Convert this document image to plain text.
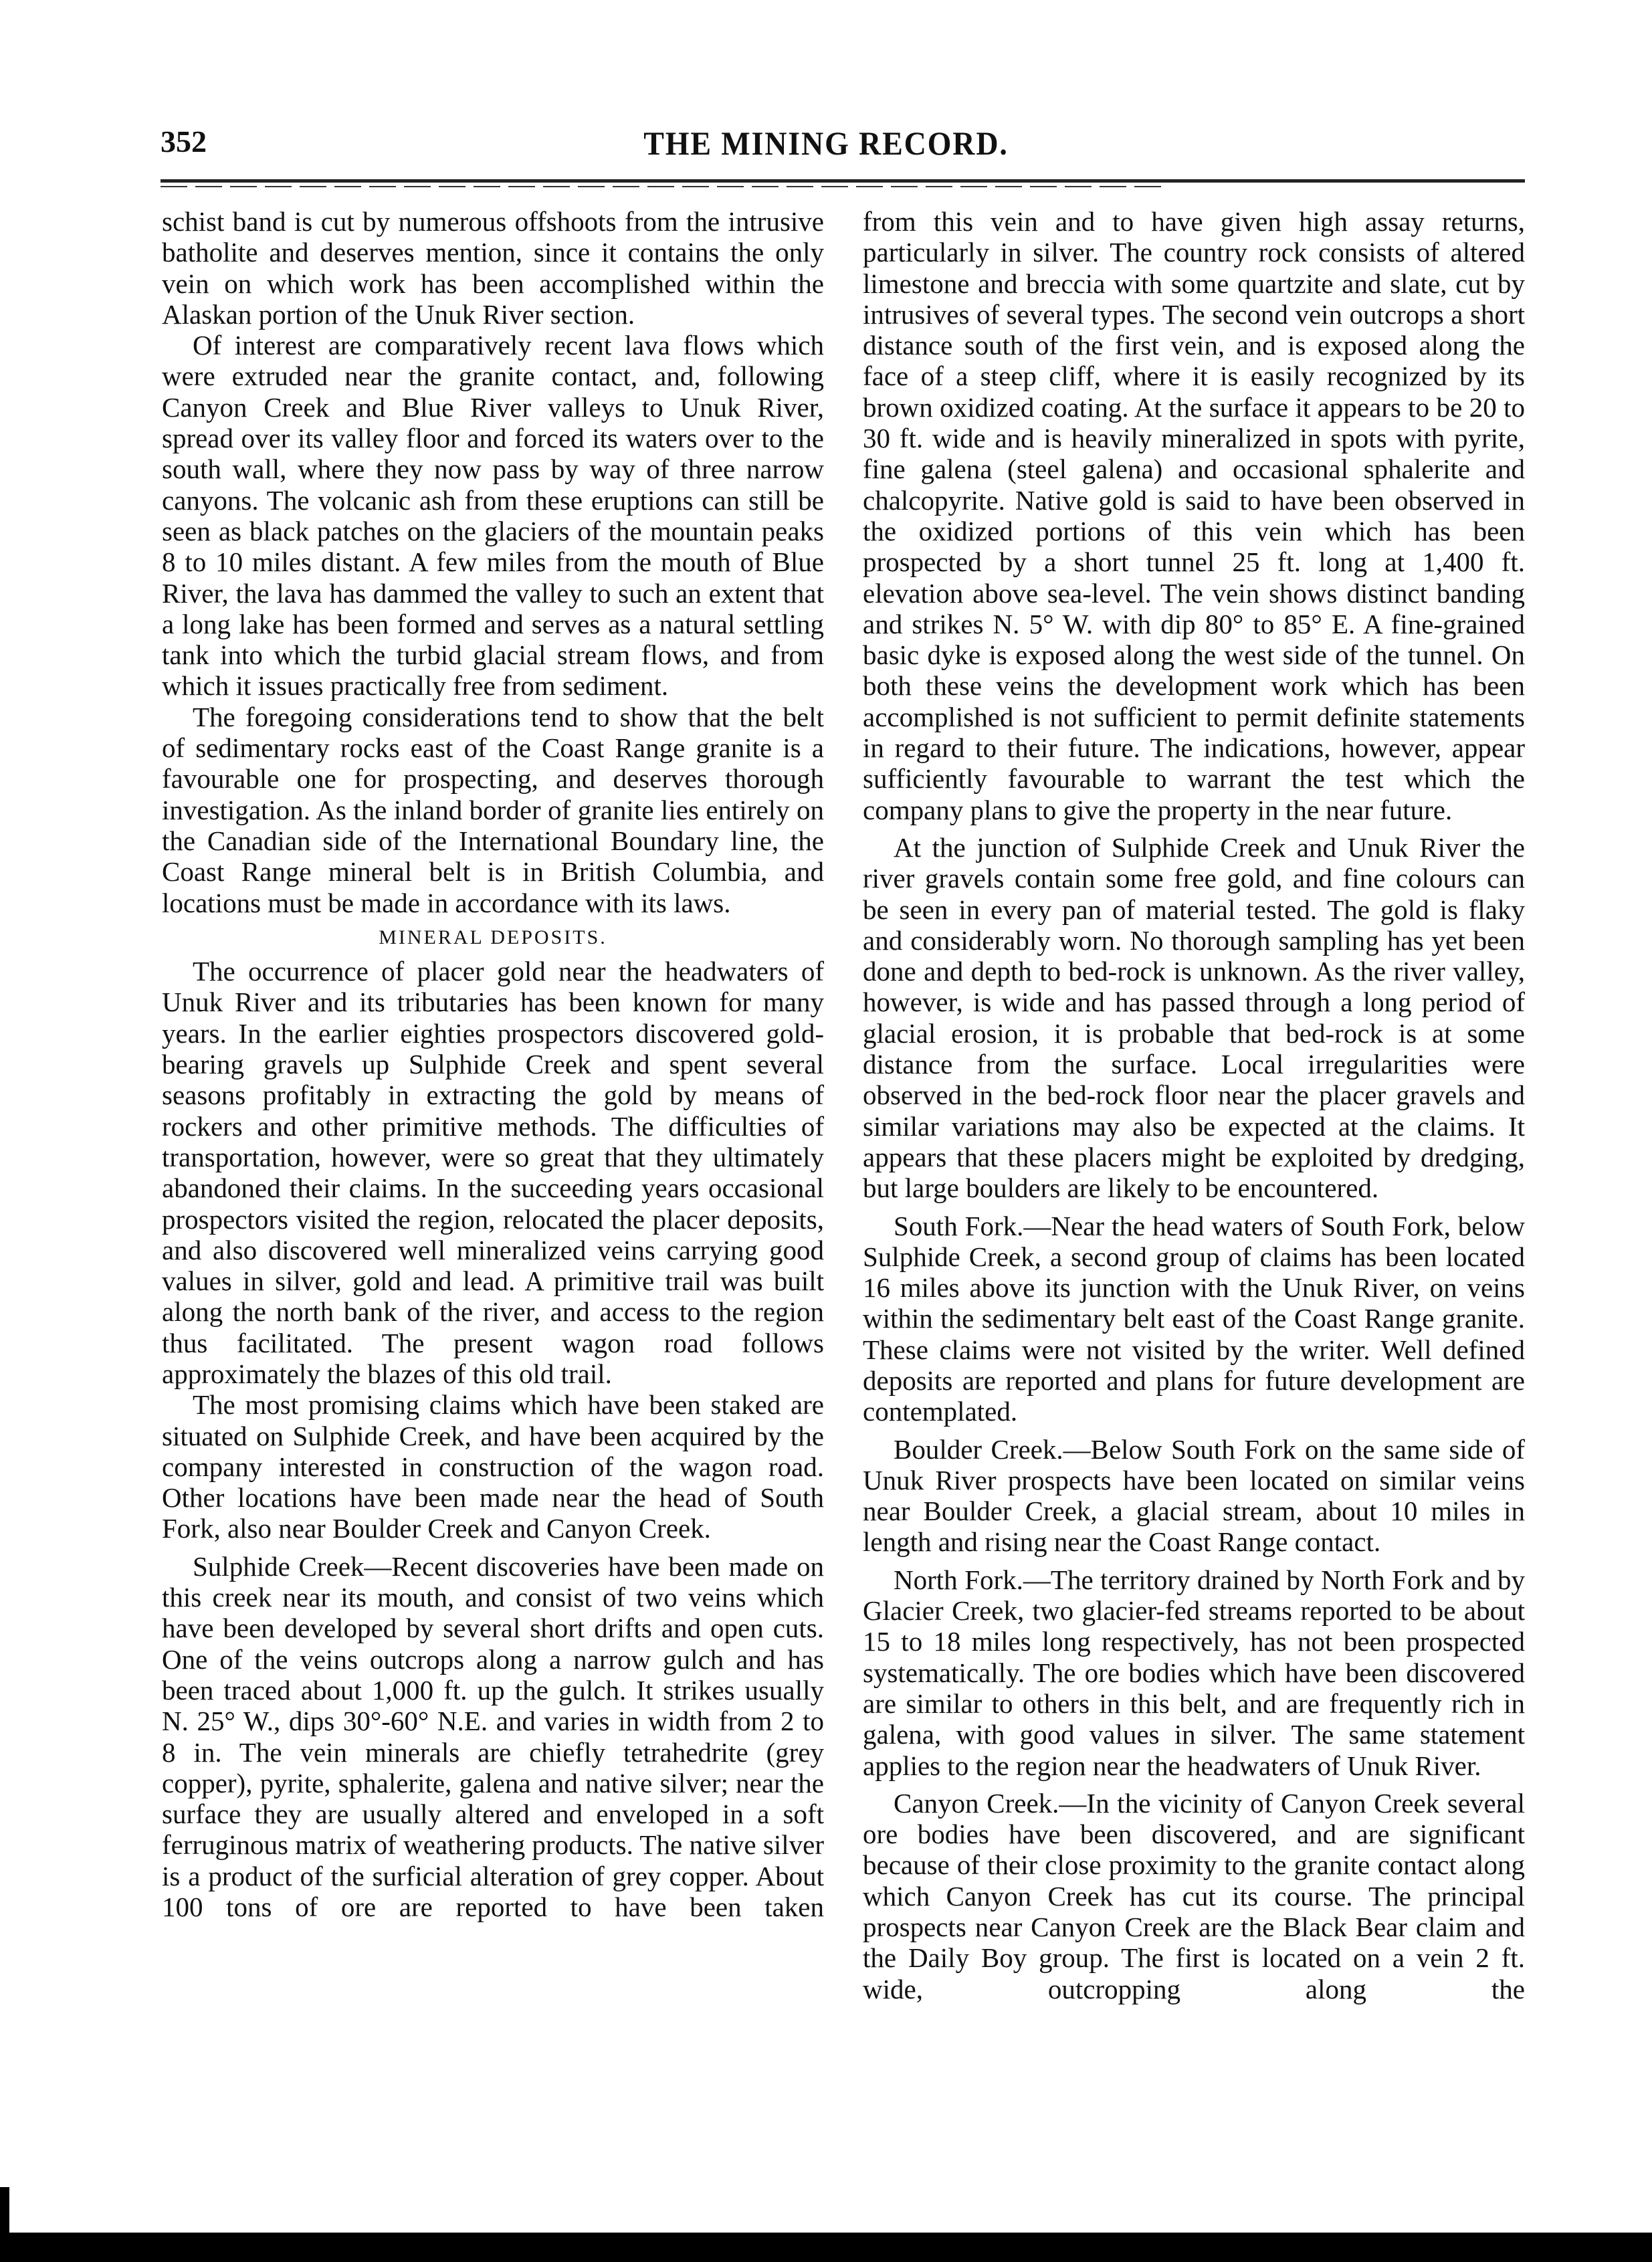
352	THE MINING RECORD.

schist band is cut by numerous offshoots from the intrusive batholite and deserves mention, since it contains the only vein on which work has been accomplished within the Alaskan portion of the Unuk River section.

Of interest are comparatively recent lava flows which were extruded near the granite contact, and, following Canyon Creek and Blue River valleys to Unuk River, spread over its valley floor and forced its waters over to the south wall, where they now pass by way of three narrow canyons. The volcanic ash from these eruptions can still be seen as black patches on the glaciers of the mountain peaks 8 to 10 miles distant. A few miles from the mouth of Blue River, the lava has dammed the valley to such an extent that a long lake has been formed and serves as a natural settling tank into which the turbid glacial stream flows, and from which it issues practically free from sediment.

The foregoing considerations tend to show that the belt of sedimentary rocks east of the Coast Range granite is a favourable one for prospecting, and deserves thorough investigation. As the inland border of granite lies entirely on the Canadian side of the International Boundary line, the Coast Range mineral belt is in British Columbia, and locations must be made in accordance with its laws.

MINERAL DEPOSITS.

The occurrence of placer gold near the headwaters of Unuk River and its tributaries has been known for many years. In the earlier eighties prospectors discovered gold-bearing gravels up Sulphide Creek and spent several seasons profitably in extracting the gold by means of rockers and other primitive methods. The difficulties of transportation, however, were so great that they ultimately abandoned their claims. In the succeeding years occasional prospectors visited the region, relocated the placer deposits, and also discovered well mineralized veins carrying good values in silver, gold and lead. A primitive trail was built along the north bank of the river, and access to the region thus facilitated. The present wagon road follows approximately the blazes of this old trail.

The most promising claims which have been staked are situated on Sulphide Creek, and have been acquired by the company interested in construction of the wagon road. Other locations have been made near the head of South Fork, also near Boulder Creek and Canyon Creek.

Sulphide Creek—Recent discoveries have been made on this creek near its mouth, and consist of two veins which have been developed by several short drifts and open cuts. One of the veins outcrops along a narrow gulch and has been traced about 1,000 ft. up the gulch. It strikes usually N. 25° W., dips 30°-60° N.E. and varies in width from 2 to 8 in. The vein minerals are chiefly tetrahedrite (grey copper), pyrite, sphalerite, galena and native silver; near the surface they are usually altered and enveloped in a soft ferruginous matrix of weathering products. The native silver is a product of the surficial alteration of grey copper. About 100 tons of ore are reported to have been taken

from this vein and to have given high assay returns, particularly in silver. The country rock consists of altered limestone and breccia with some quartzite and slate, cut by intrusives of several types. The second vein outcrops a short distance south of the first vein, and is exposed along the face of a steep cliff, where it is easily recognized by its brown oxidized coating. At the surface it appears to be 20 to 30 ft. wide and is heavily mineralized in spots with pyrite, fine galena (steel galena) and occasional sphalerite and chalcopyrite. Native gold is said to have been observed in the oxidized portions of this vein which has been prospected by a short tunnel 25 ft. long at 1,400 ft. elevation above sea-level. The vein shows distinct banding and strikes N. 5° W. with dip 80° to 85° E. A fine-grained basic dyke is exposed along the west side of the tunnel. On both these veins the development work which has been accomplished is not sufficient to permit definite statements in regard to their future. The indications, however, appear sufficiently favourable to warrant the test which the company plans to give the property in the near future.

At the junction of Sulphide Creek and Unuk River the river gravels contain some free gold, and fine colours can be seen in every pan of material tested. The gold is flaky and considerably worn. No thorough sampling has yet been done and depth to bed-rock is unknown. As the river valley, however, is wide and has passed through a long period of glacial erosion, it is probable that bed-rock is at some distance from the surface. Local irregularities were observed in the bed-rock floor near the placer gravels and similar variations may also be expected at the claims. It appears that these placers might be exploited by dredging, but large boulders are likely to be encountered.

South Fork.—Near the head waters of South Fork, below Sulphide Creek, a second group of claims has been located 16 miles above its junction with the Unuk River, on veins within the sedimentary belt east of the Coast Range granite. These claims were not visited by the writer. Well defined deposits are reported and plans for future development are contemplated.

Boulder Creek.—Below South Fork on the same side of Unuk River prospects have been located on similar veins near Boulder Creek, a glacial stream, about 10 miles in length and rising near the Coast Range contact.

North Fork.—The territory drained by North Fork and by Glacier Creek, two glacier-fed streams reported to be about 15 to 18 miles long respectively, has not been prospected systematically. The ore bodies which have been discovered are similar to others in this belt, and are frequently rich in galena, with good values in silver. The same statement applies to the region near the headwaters of Unuk River.

Canyon Creek.—In the vicinity of Canyon Creek several ore bodies have been discovered, and are significant because of their close proximity to the granite contact along which Canyon Creek has cut its course. The principal prospects near Canyon Creek are the Black Bear claim and the Daily Boy group. The first is located on a vein 2 ft. wide, outcropping along the
